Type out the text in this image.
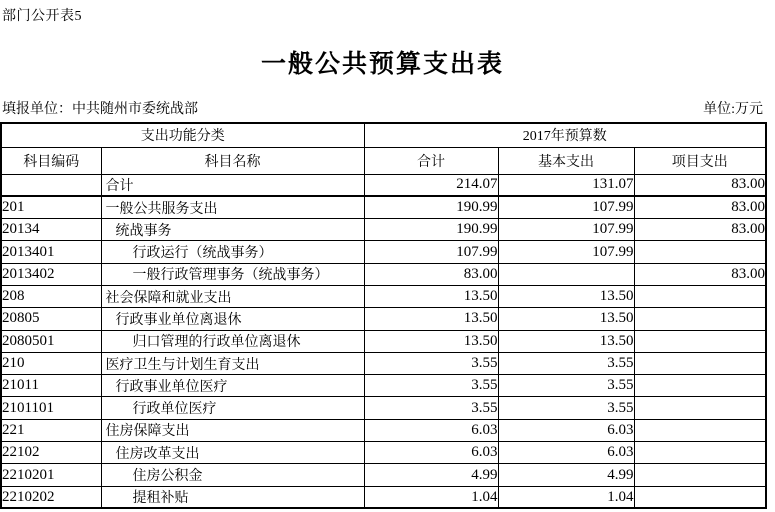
部门公开表5
一般公共预算支出表
填报单位：中共随州市委统战部	单位:万元
支出功能分类		2017年预算数		
科目编码	科目名称	合计	基本支出	项目支出
	合计	214.07	131.07	83.00
201	一般公共服务支出	190.99	107.99	83.00
20134	统战事务	190.99	107.99	83.00
2013401	行政运行（统战事务）	107.99	107.99	
2013402	一般行政管理事务（统战事务）	83.00		83.00
208	社会保障和就业支出	13.50	13.50	
20805	行政事业单位离退休	13.50	13.50	
2080501	归口管理的行政单位离退休	13.50	13.50	
210	医疗卫生与计划生育支出	3.55	3.55	
21011	行政事业单位医疗	3.55	3.55	
2101101	行政单位医疗	3.55	3.55	
221	住房保障支出	6.03	6.03	
22102	住房改革支出	6.03	6.03	
2210201	住房公积金	4.99	4.99	
2210202	提租补贴	1.04	1.04	
